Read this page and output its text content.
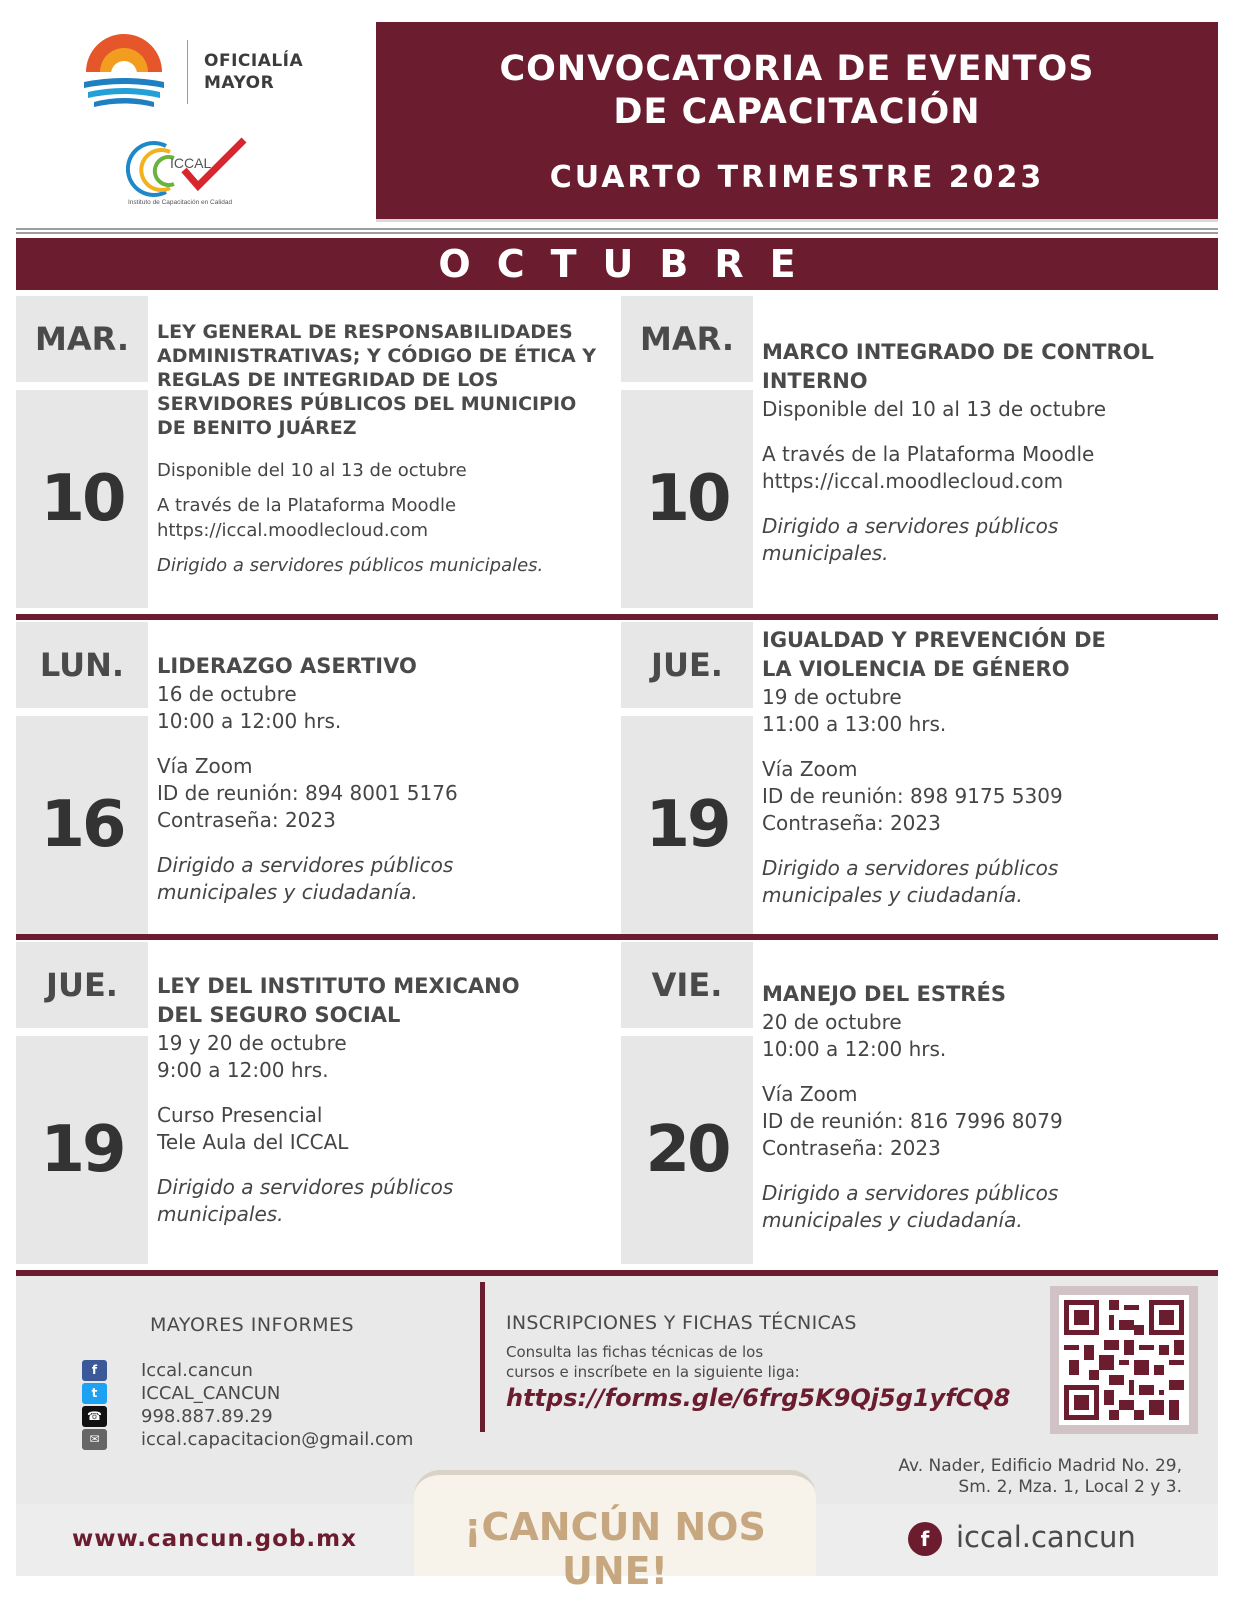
OFICIALÍA
MAYOR
ICCAL
Instituto de Capacitación en Calidad
CONVOCATORIA DE EVENTOS
DE CAPACITACIÓN
CUARTO TRIMESTRE 2023
OCTUBRE
MAR.
10
LEY GENERAL DE RESPONSABILIDADES
ADMINISTRATIVAS; Y CÓDIGO DE ÉTICA Y
REGLAS DE INTEGRIDAD DE LOS
SERVIDORES PÚBLICOS DEL MUNICIPIO
DE BENITO JUÁREZ
Disponible del 10 al 13 de octubre
A través de la Plataforma Moodle
https://iccal.moodlecloud.com
Dirigido a servidores públicos municipales.
MAR.
10
MARCO INTEGRADO DE CONTROL
INTERNO
Disponible del 10 al 13 de octubre
A través de la Plataforma Moodle
https://iccal.moodlecloud.com
Dirigido a servidores públicos
municipales.
LUN.
16
LIDERAZGO ASERTIVO
16 de octubre
10:00 a 12:00 hrs.
Vía Zoom
ID de reunión: 894 8001 5176
Contraseña: 2023
Dirigido a servidores públicos
municipales y ciudadanía.
JUE.
19
IGUALDAD Y PREVENCIÓN DE
LA VIOLENCIA DE GÉNERO
19 de octubre
11:00 a 13:00 hrs.
Vía Zoom
ID de reunión: 898 9175 5309
Contraseña: 2023
Dirigido a servidores públicos
municipales y ciudadanía.
JUE.
19
LEY DEL INSTITUTO MEXICANO
DEL SEGURO SOCIAL
19 y 20 de octubre
9:00 a 12:00 hrs.
Curso Presencial
Tele Aula del ICCAL
Dirigido a servidores públicos
municipales.
VIE.
20
MANEJO DEL ESTRÉS
20 de octubre
10:00 a 12:00 hrs.
Vía Zoom
ID de reunión: 816 7996 8079
Contraseña: 2023
Dirigido a servidores públicos
municipales y ciudadanía.
MAYORES INFORMES
f	Iccal.cancun
t	ICCAL_CANCUN
☎ 998.887.89.29
✉	iccal.capacitacion@gmail.com
INSCRIPCIONES Y FICHAS TÉCNICAS
Consulta las fichas técnicas de los
cursos e inscríbete en la siguiente liga:
https://forms.gle/6frg5K9Qj5g1yfCQ8
Av. Nader, Edificio Madrid No. 29,
Sm. 2, Mza. 1, Local 2 y 3.
www.cancun.gob.mx	¡CANCÚN NOS UNE!
f iccal.cancun
